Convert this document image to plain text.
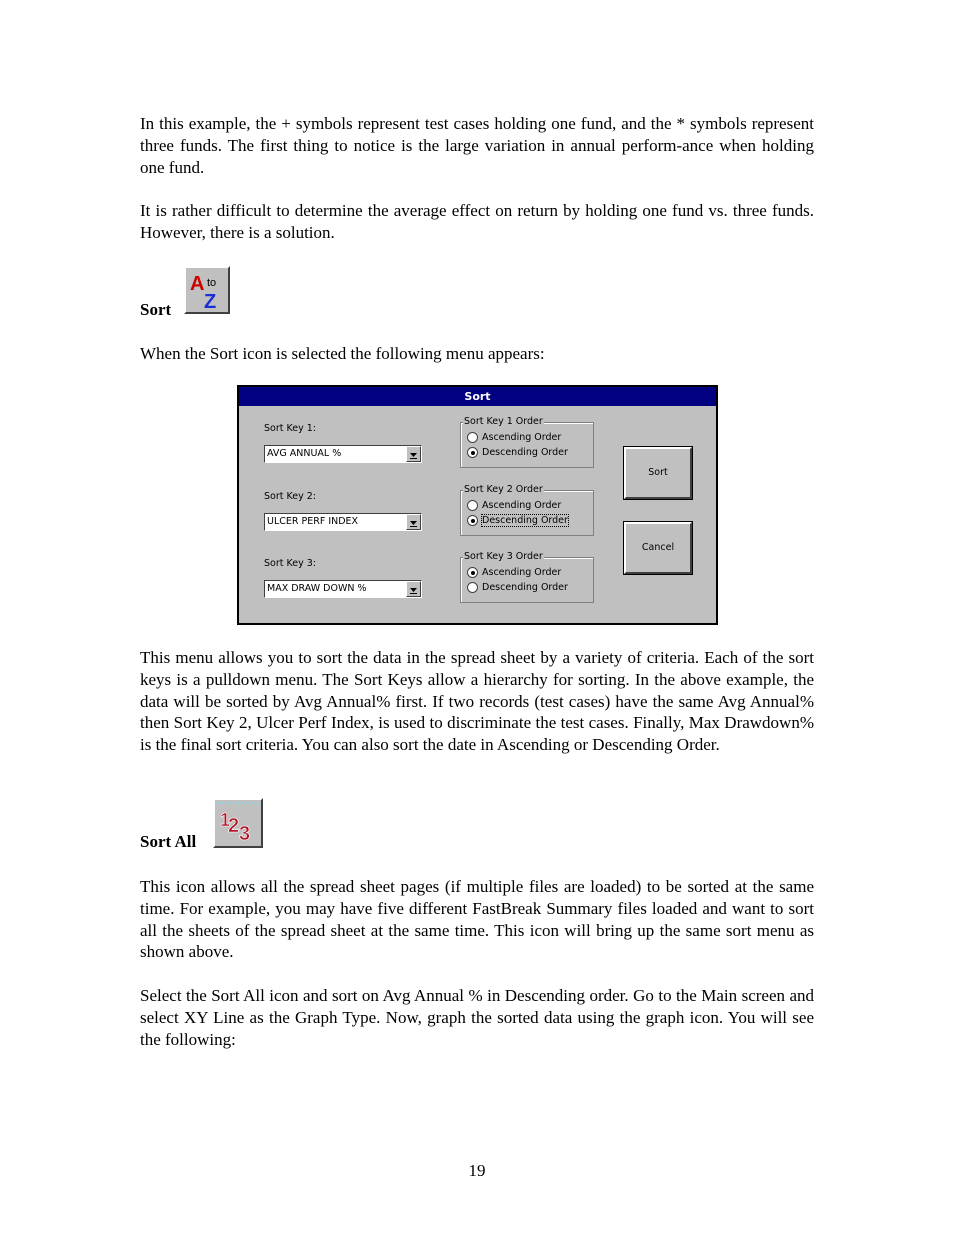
In this example, the + symbols represent test cases holding one fund, and the * symbols represent three funds. The first thing to notice is the large variation in annual perform-ance when holding one fund.

It is rather difficult to determine the average effect on return by holding one fund vs. three funds. However, there is a solution.

Sort
A to
Z

When the Sort icon is selected the following menu appears:

Sort
Sort Key 1:
AVG ANNUAL %
Sort Key 2:
ULCER PERF INDEX
Sort Key 3:
MAX DRAW DOWN %
Sort Key 1 Order
Ascending Order
Descending Order
Sort Key 2 Order
Ascending Order
Descending Order
Sort Key 3 Order
Ascending Order
Descending Order
Sort
Cancel

This menu allows you to sort the data in the spread sheet by a variety of criteria. Each of the sort keys is a pulldown menu. The Sort Keys allow a hierarchy for sorting. In the above example, the data will be sorted by Avg Annual% first. If two records (test cases) have the same Avg Annual% then Sort Key 2, Ulcer Perf Index, is used to discriminate the test cases. Finally, Max Drawdown% is the final sort criteria. You can also sort the date in Ascending or Descending Order.

Sort All
1
2 3

This icon allows all the spread sheet pages (if multiple files are loaded) to be sorted at the same time. For example, you may have five different FastBreak Summary files loaded and want to sort all the sheets of the spread sheet at the same time. This icon will bring up the same sort menu as shown above.

Select the Sort All icon and sort on Avg Annual % in Descending order. Go to the Main screen and select XY Line as the Graph Type. Now, graph the sorted data using the graph icon. You will see the following:

19
